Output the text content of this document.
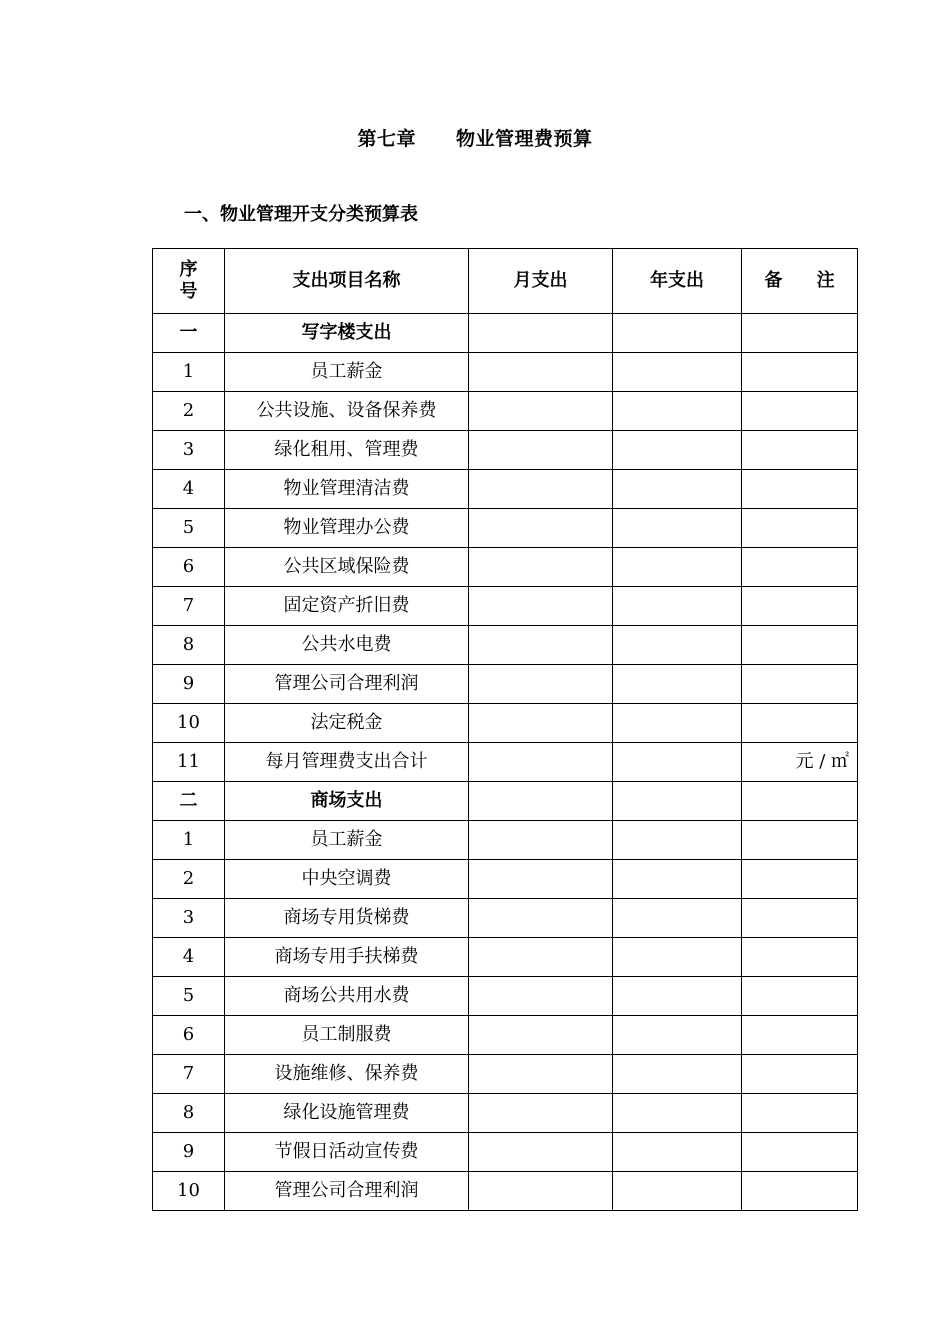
第七章 物业管理费预算
一、物业管理开支分类预算表
序
号	支出项目名称	月支出	年支出	备 注
一	写字楼支出			
1	员工薪金			
2	公共设施、设备保养费			
3	绿化租用、管理费			
4	物业管理清洁费			
5	物业管理办公费			
6	公共区域保险费			
7	固定资产折旧费			
8	公共水电费			
9	管理公司合理利润			
10	法定税金			
11	每月管理费支出合计			元 / ㎡
二	商场支出			
1	员工薪金			
2	中央空调费			
3	商场专用货梯费			
4	商场专用手扶梯费			
5	商场公共用水费			
6	员工制服费			
7	设施维修、保养费			
8	绿化设施管理费			
9	节假日活动宣传费			
10	管理公司合理利润			
